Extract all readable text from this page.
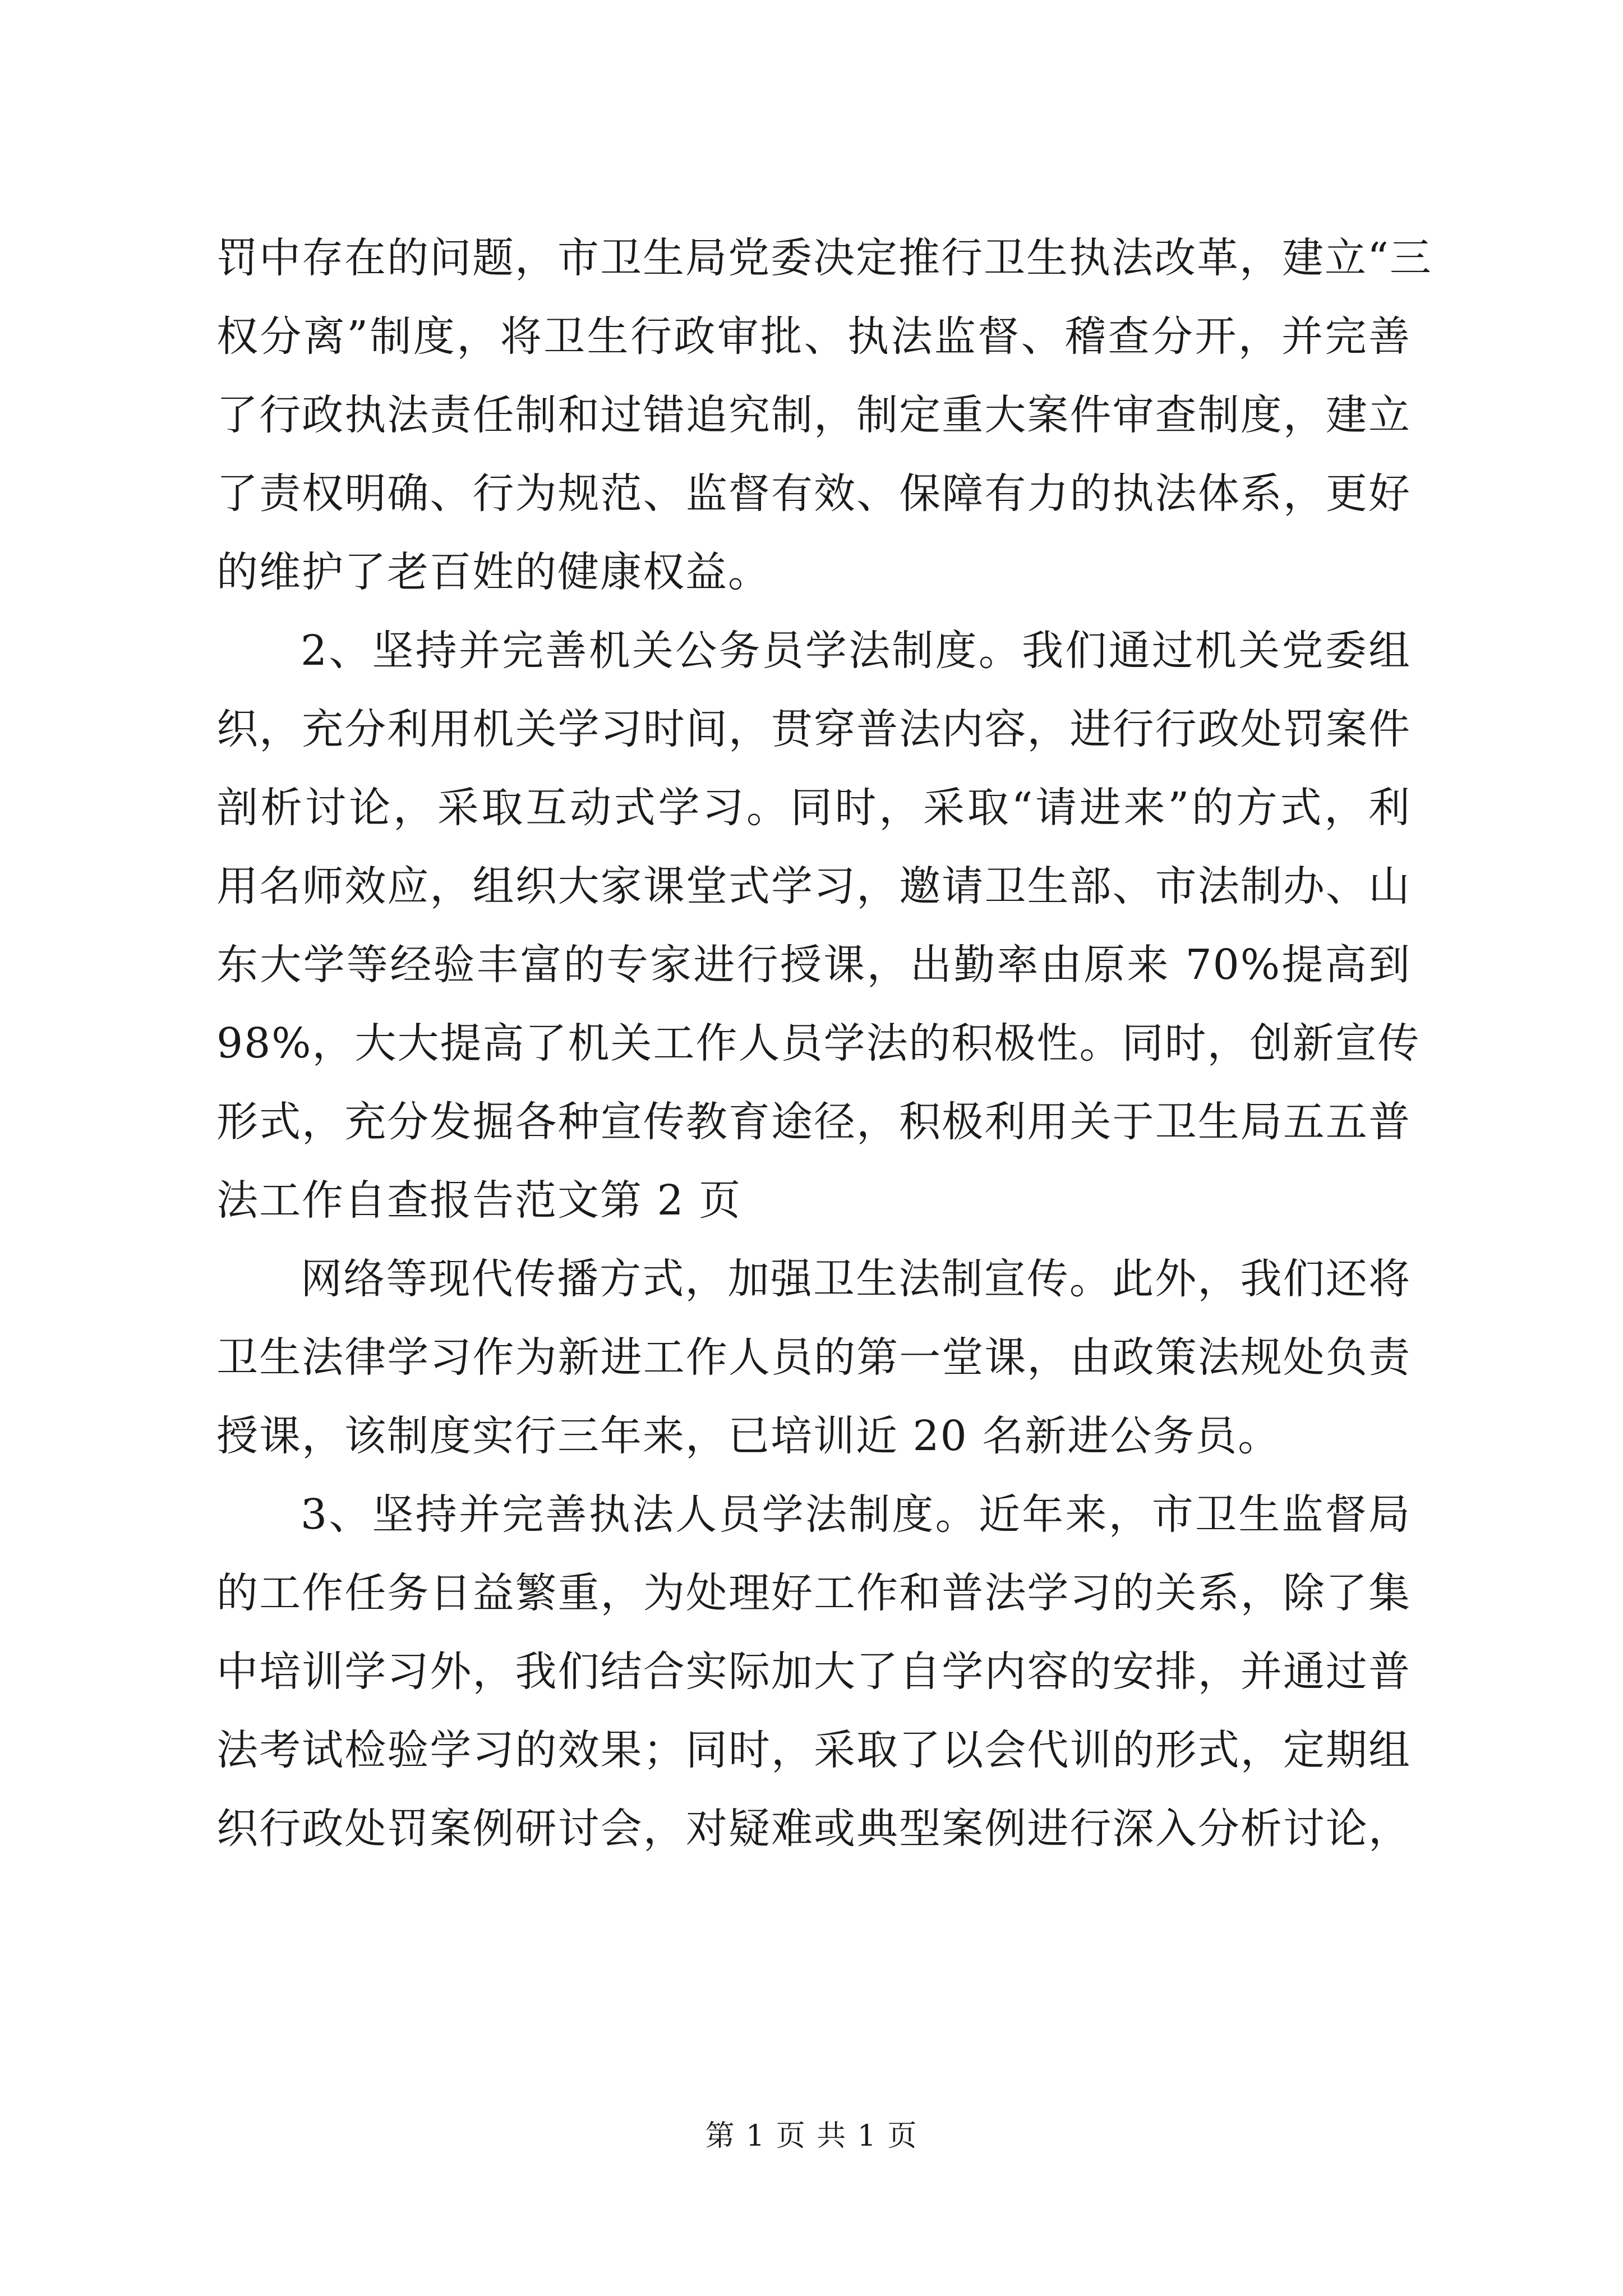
罚中存在的问题，市卫生局党委决定推行卫生执法改革，建立“三
权分离”制度，将卫生行政审批、执法监督、稽查分开，并完善
了行政执法责任制和过错追究制，制定重大案件审查制度，建立
了责权明确、行为规范、监督有效、保障有力的执法体系，更好
的维护了老百姓的健康权益。
2、坚持并完善机关公务员学法制度。我们通过机关党委组
织，充分利用机关学习时间，贯穿普法内容，进行行政处罚案件
剖析讨论，采取互动式学习。同时，采取“请进来”的方式，利
用名师效应，组织大家课堂式学习，邀请卫生部、市法制办、山
东大学等经验丰富的专家进行授课，出勤率由原来 70%提高到
98%，大大提高了机关工作人员学法的积极性。同时，创新宣传
形式，充分发掘各种宣传教育途径，积极利用关于卫生局五五普
法工作自查报告范文第 2 页
网络等现代传播方式，加强卫生法制宣传。此外，我们还将
卫生法律学习作为新进工作人员的第一堂课，由政策法规处负责
授课，该制度实行三年来，已培训近 20 名新进公务员。
3、坚持并完善执法人员学法制度。近年来，市卫生监督局
的工作任务日益繁重，为处理好工作和普法学习的关系，除了集
中培训学习外，我们结合实际加大了自学内容的安排，并通过普
法考试检验学习的效果；同时，采取了以会代训的形式，定期组
织行政处罚案例研讨会，对疑难或典型案例进行深入分析讨论，
第 1 页 共 1 页
